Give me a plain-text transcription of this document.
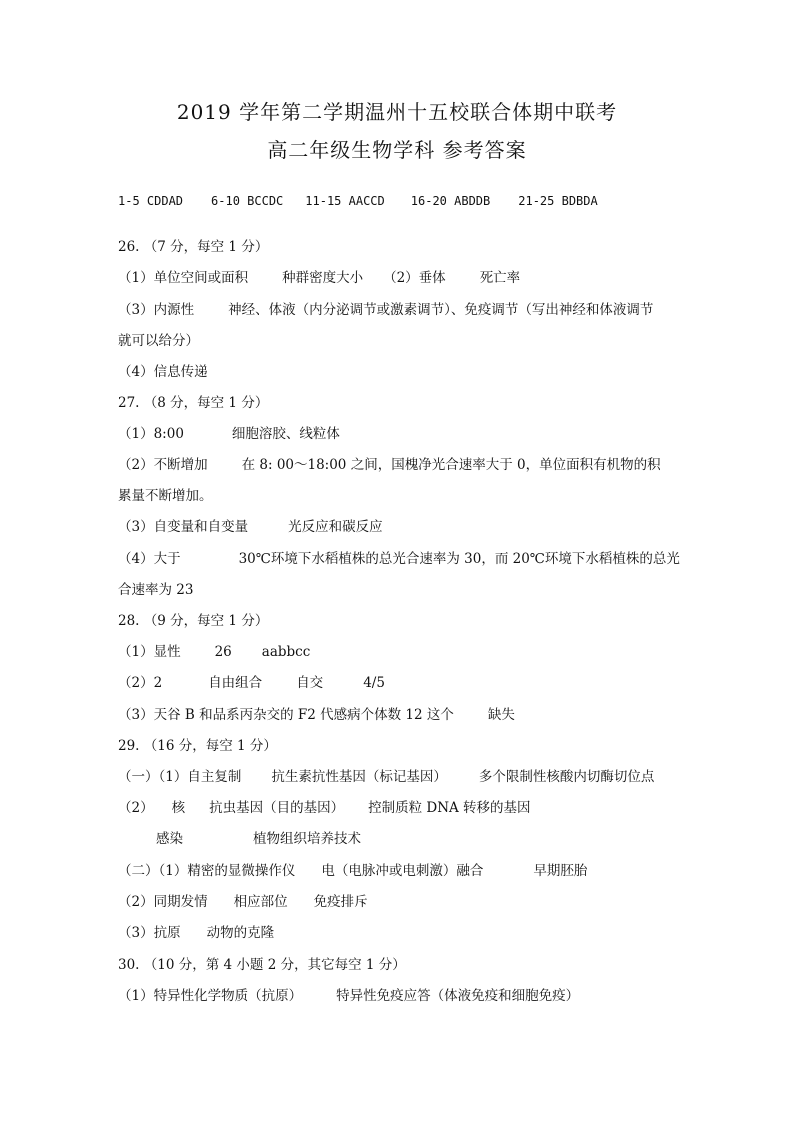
2019 学年第二学期温州十五校联合体期中联考
高二年级生物学科 参考答案
1-5 CDDAD 6-10 BCCDC 11-15 AACCD 16-20 ABDDB 21-25 BDBDA
26. （7 分，每空 1 分）
（1）单位空间或面积	种群密度大小 （2）垂体	死亡率
（3）内源性	神经、体液（内分泌调节或激素调节）、免疫调节（写出神经和体液调节
就可以给分）
（4）信息传递
27. （8 分，每空 1 分）
（1）8:00	细胞溶胶、线粒体
（2）不断增加	在 8: 00～18:00 之间，国槐净光合速率大于 0，单位面积有机物的积
累量不断增加。
（3）自变量和自变量	光反应和碳反应
（4）大于	30℃环境下水稻植株的总光合速率为 30，而 20℃环境下水稻植株的总光
合速率为 23
28. （9 分，每空 1 分）
（1）显性	26 aabbcc
（2）2	自由组合	自交	4/5
（3）天谷 B 和品系丙杂交的 F2 代感病个体数 12 这个	缺失
29. （16 分，每空 1 分）
（一）（1）自主复制 抗生素抗性基因（标记基因） 多个限制性核酸内切酶切位点
（2） 核 抗虫基因（目的基因） 控制质粒 DNA 转移的基因
感染	植物组织培养技术
（二）（1）精密的显微操作仪 电（电脉冲或电刺激）融合	早期胚胎
（2）同期发情 相应部位 免疫排斥
（3）抗原 动物的克隆
30. （10 分，第 4 小题 2 分，其它每空 1 分）
（1）特异性化学物质（抗原）	特异性免疫应答（体液免疫和细胞免疫）
